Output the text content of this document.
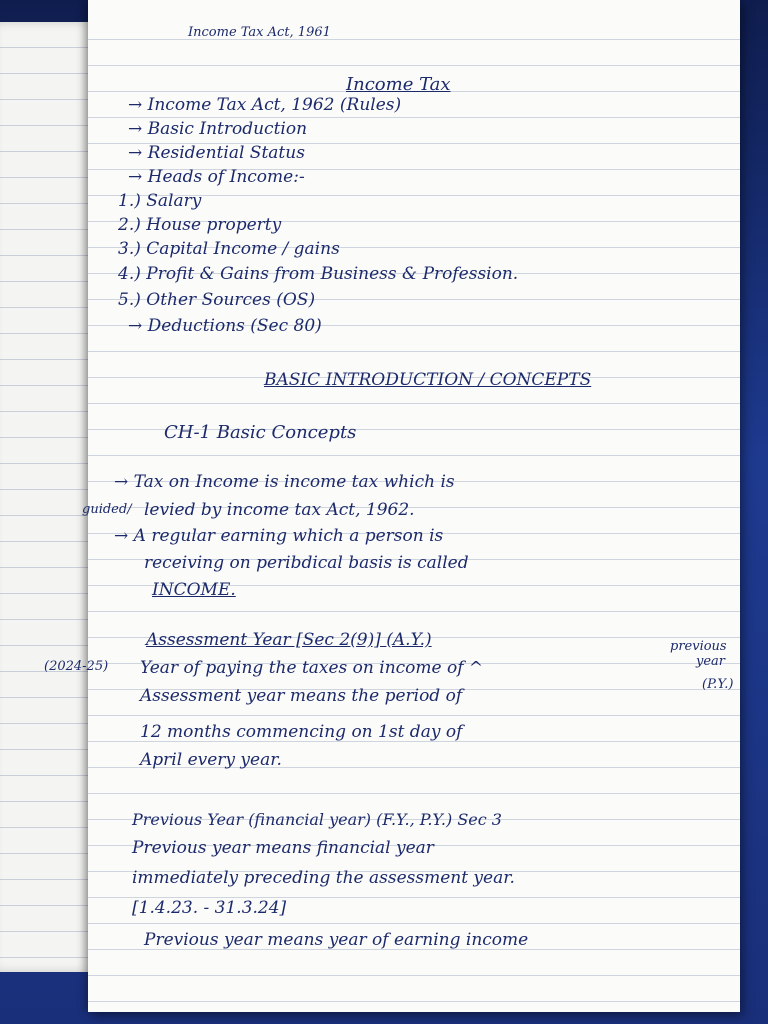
Income Tax Act, 1961
Income Tax
→ Income Tax Act, 1962 (Rules)
→ Basic Introduction
→ Residential Status
→ Heads of Income:-
1.) Salary
2.) House property
3.) Capital Income / gains
4.) Profit & Gains from Business & Profession.
5.) Other Sources (OS)
→ Deductions (Sec 80)
BASIC INTRODUCTION / CONCEPTS
CH-1 Basic Concepts
→ Tax on Income is income tax which is
guided/ levied by income tax Act, 1962.
→ A regular earning which a person is
receiving on peribdical basis is called
INCOME.
previous
Assessment Year [Sec 2(9)] (A.Y.)
year
(2024-25) Year of paying the taxes on income of ^
(P.Y.)
Assessment year means the period of
12 months commencing on 1st day of
April every year.
Previous Year (financial year) (F.Y., P.Y.) Sec 3
Previous year means financial year
immediately preceding the assessment year.
[1.4.23. - 31.3.24]
Previous year means year of earning income
